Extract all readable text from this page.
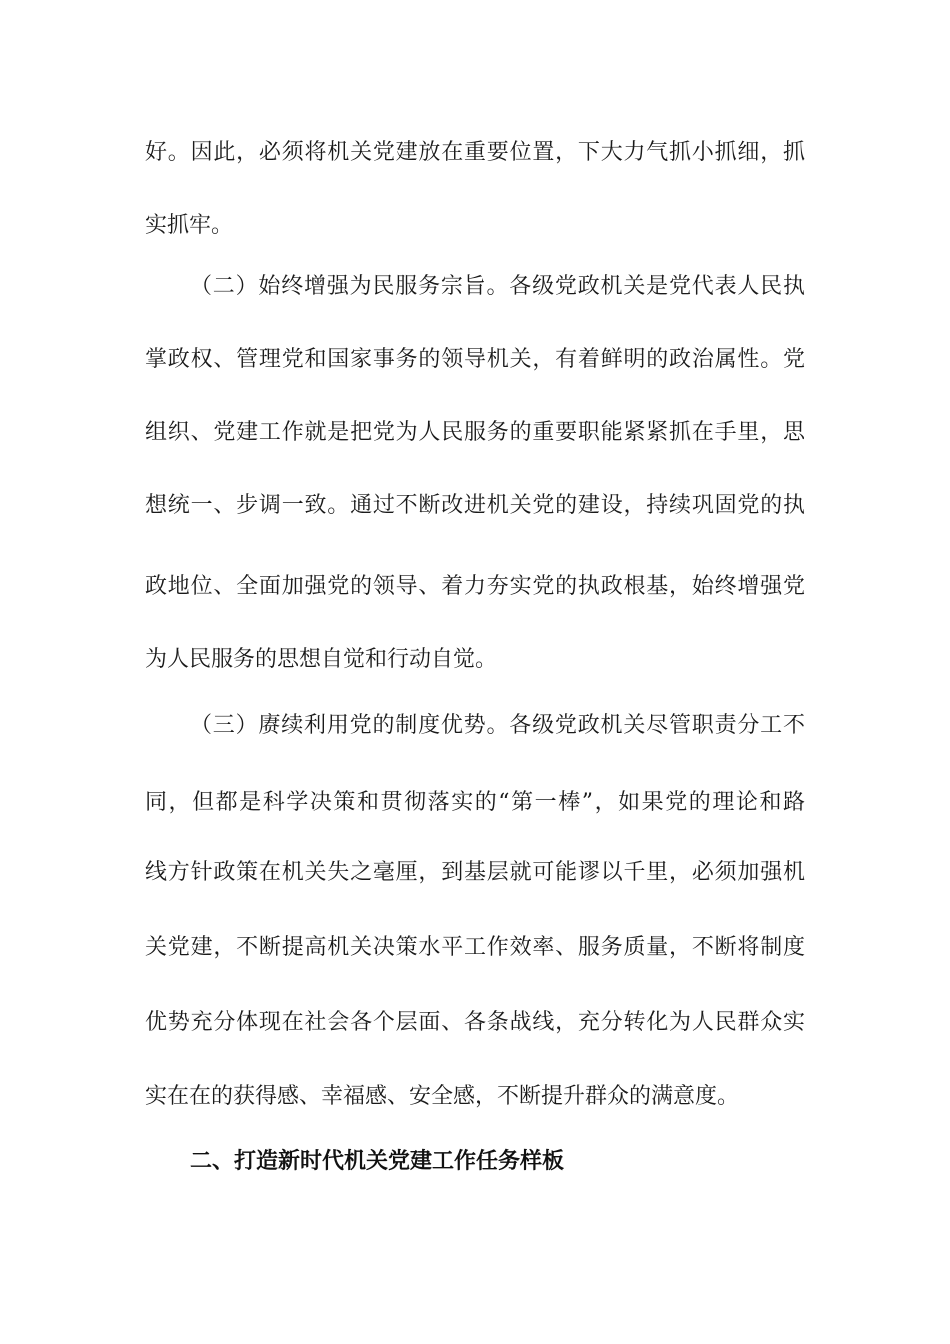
好。因此，必须将机关党建放在重要位置，下大力气抓小抓细，抓

实抓牢。

（二）始终增强为民服务宗旨。各级党政机关是党代表人民执

掌政权、管理党和国家事务的领导机关，有着鲜明的政治属性。党

组织、党建工作就是把党为人民服务的重要职能紧紧抓在手里，思

想统一、步调一致。通过不断改进机关党的建设，持续巩固党的执

政地位、全面加强党的领导、着力夯实党的执政根基，始终增强党

为人民服务的思想自觉和行动自觉。

（三）赓续利用党的制度优势。各级党政机关尽管职责分工不

同，但都是科学决策和贯彻落实的“第一棒”，如果党的理论和路

线方针政策在机关失之毫厘，到基层就可能谬以千里，必须加强机

关党建，不断提高机关决策水平工作效率、服务质量，不断将制度

优势充分体现在社会各个层面、各条战线，充分转化为人民群众实

实在在的获得感、幸福感、安全感，不断提升群众的满意度。

二、打造新时代机关党建工作任务样板
